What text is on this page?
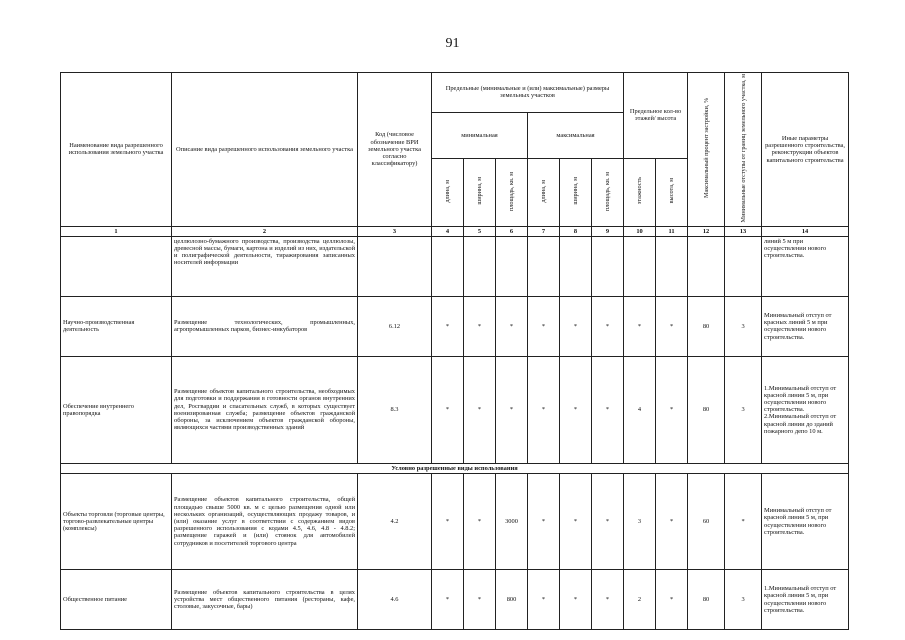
91
Наименование вида разрешенного использования земельного участка	Описание вида разрешенного использования земельного участка	Код (числовое обозначение ВРИ земельного участка согласно классификатору)	Предельные (минимальные и (или) максимальные) размеры земельных участков						Предельное кол-во этажей/ высота		Максимальный процент застройки, %	Минимальные отступы от границ земельного участка, м	Иные параметры разрешенного строительства, реконструкции объектов капитального строительства
			минимальная			максимальная							
			длина, м	ширина, м	площадь, кв. м	длина, м	ширина, м	площадь, кв. м	этажность	высота, м			
1	2	3	4	5	6	7	8	9	10	11	12	13	14
	целлюлозно-бумажного производства, производства целлюлозы, древесной массы, бумаги, картона и изделий из них, издательской и полиграфической деятельности, тиражирования записанных носителей информации												линий 5 м при осуществлении нового строительства.
Научно-производственная деятельность	Размещение технологических, промышленных, агропромышленных парков, бизнес-инкубаторов	6.12	*	*	*	*	*	*	*	*	80	3	Минимальный отступ от красных линий 5 м при осуществлении нового строительства.
Обеспечение внутреннего правопорядка	Размещение объектов капитального строительства, необходимых для подготовки и поддержания в готовности органов внутренних дел, Росгвардии и спасательных служб, в которых существует военизированная служба; размещение объектов гражданской обороны, за исключением объектов гражданской обороны, являющихся частями производственных зданий	8.3	*	*	*	*	*	*	4	*	80	3	1.Минимальный отступ от красной линии 5 м, при осуществлении нового строительства. 2.Минимальный отступ от красной линии до зданий пожарного депо 10 м.
Условно разрешенные виды использования													
Объекты торговли (торговые центры, торгово-развлекательные центры (комплексы)	Размещение объектов капитального строительства, общей площадью свыше 5000 кв. м с целью размещения одной или нескольких организаций, осуществляющих продажу товаров, и (или) оказание услуг в соответствии с содержанием видов разрешенного использования с кодами 4.5, 4.6, 4.8 - 4.8.2; размещение гаражей и (или) стоянок для автомобилей сотрудников и посетителей торгового центра	4.2	*	*	3000	*	*	*	3	*	60	*	Минимальный отступ от красной линии 5 м, при осуществлении нового строительства.
Общественное питание	Размещение объектов капитального строительства в целях устройства мест общественного питания (рестораны, кафе, столовые, закусочные, бары)	4.6	*	*	800	*	*	*	2	*	80	3	1.Минимальный отступ от красной линии 5 м, при осуществлении нового строительства.
